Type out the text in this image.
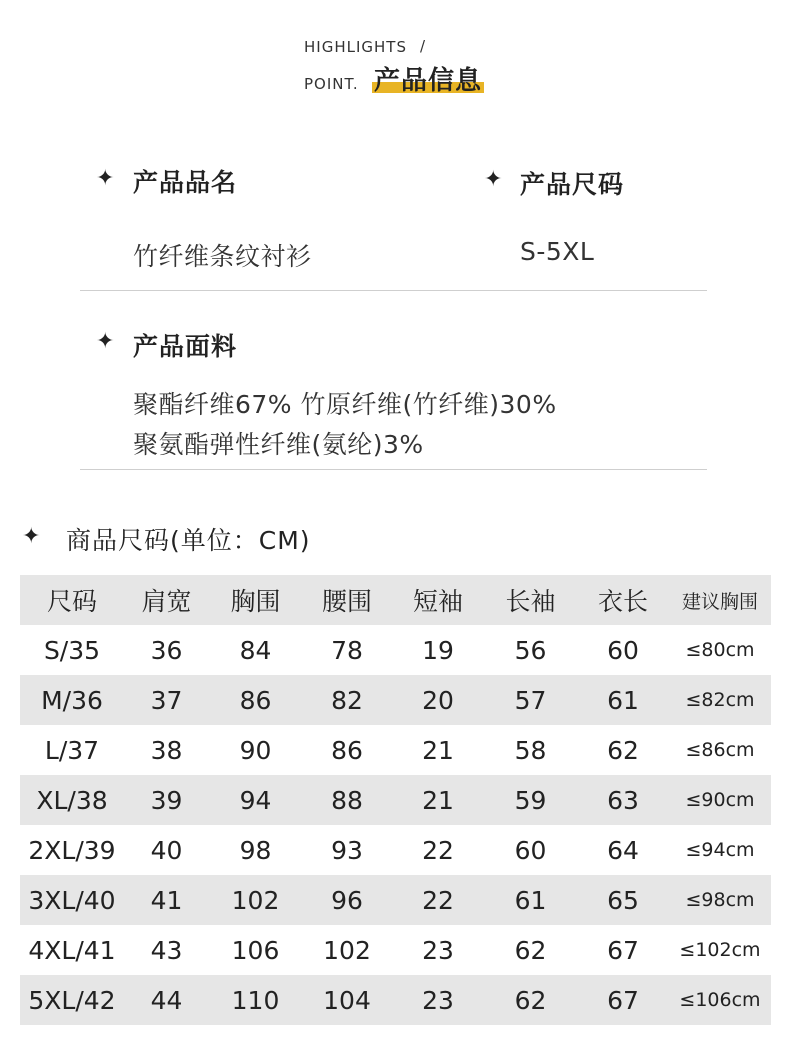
HIGHLIGHTS /
POINT. 产品信息
✦ 产品品名
竹纤维条纹衬衫
✦ 产品尺码
S-5XL
✦ 产品面料
聚酯纤维67% 竹原纤维(竹纤维)30%
聚氨酯弹性纤维(氨纶)3%
✦ 商品尺码(单位：CM)
尺码	肩宽	胸围	腰围	短袖	长袖	衣长	建议胸围
S/35	36	84	78	19	56	60	≤80cm
M/36	37	86	82	20	57	61	≤82cm
L/37	38	90	86	21	58	62	≤86cm
XL/38	39	94	88	21	59	63	≤90cm
2XL/39	40	98	93	22	60	64	≤94cm
3XL/40	41	102	96	22	61	65	≤98cm
4XL/41	43	106	102	23	62	67	≤102cm
5XL/42	44	110	104	23	62	67	≤106cm
